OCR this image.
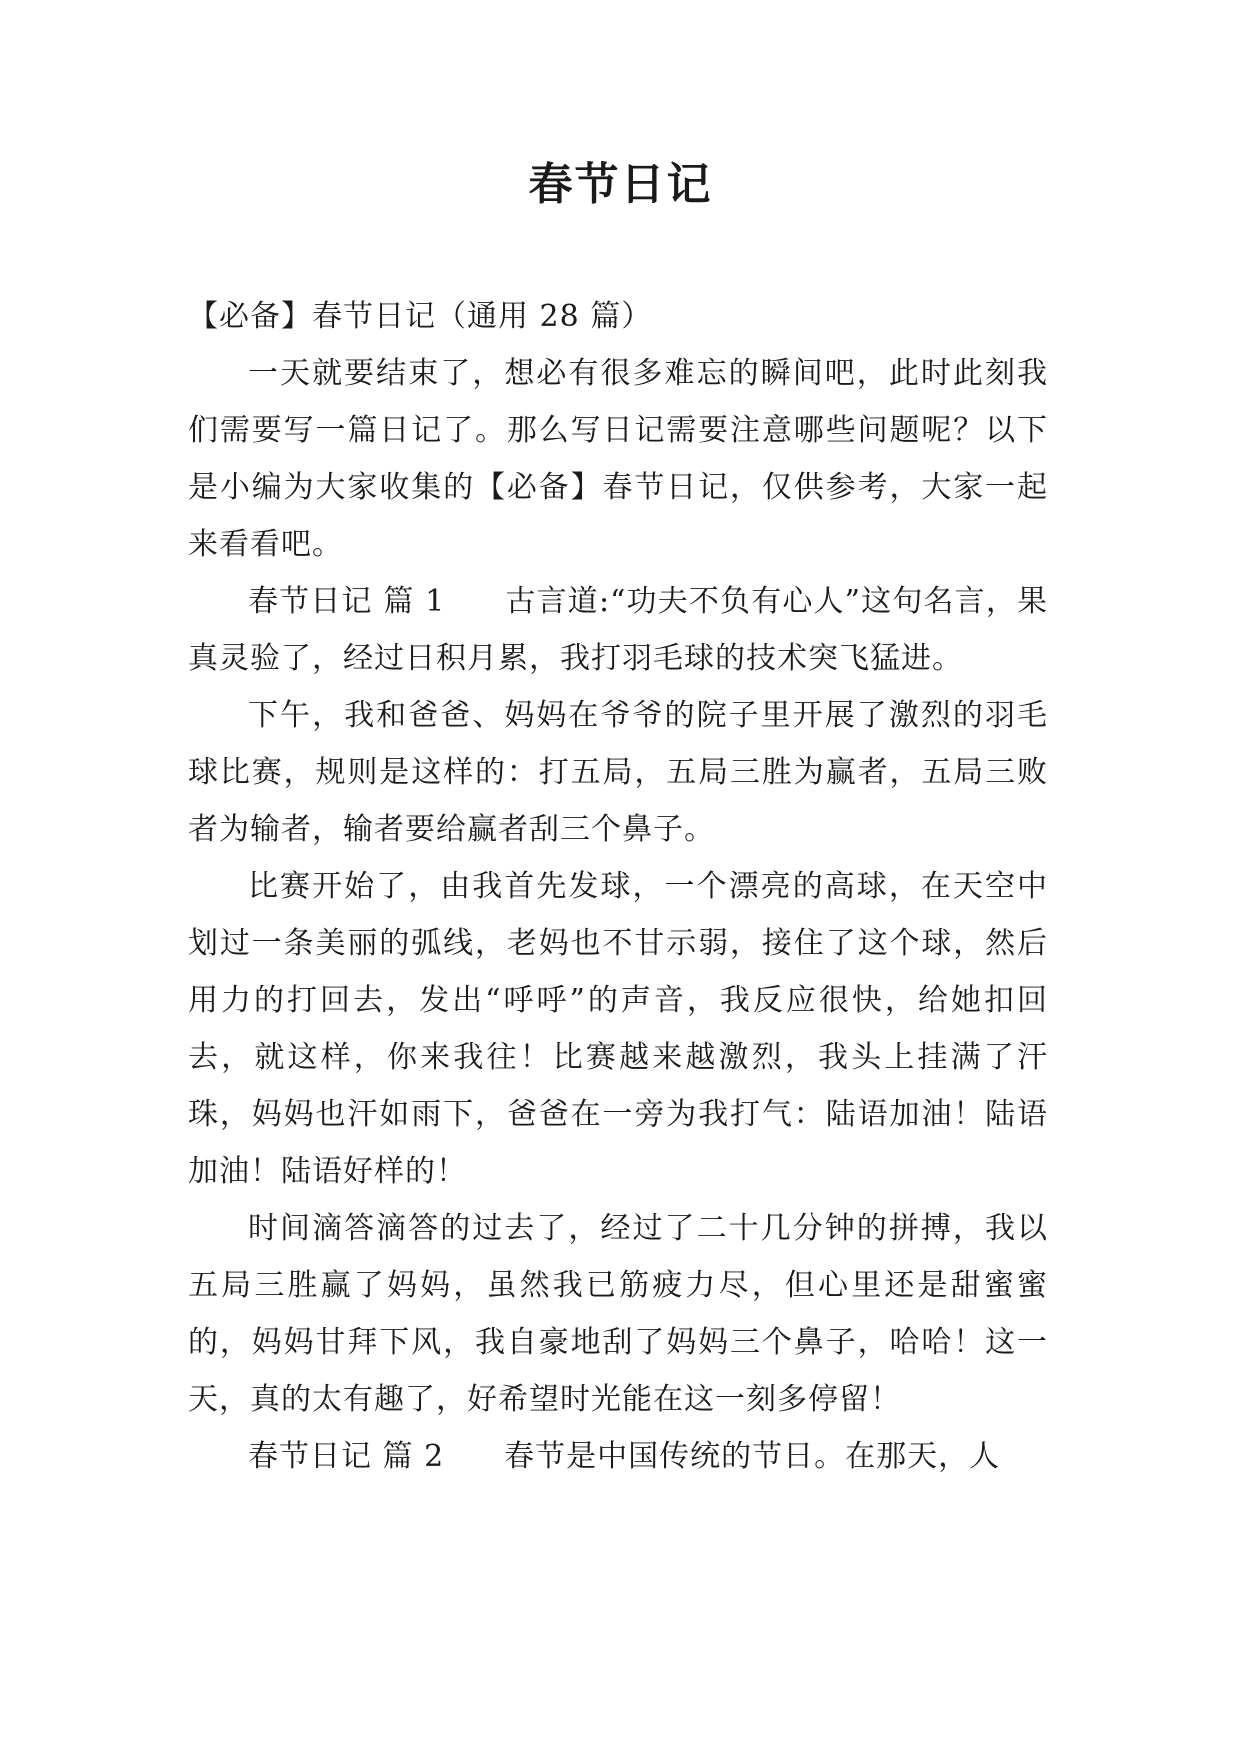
春节日记

【必备】春节日记（通用 28 篇）

一天就要结束了，想必有很多难忘的瞬间吧，此时此刻我们需要写一篇日记了。那么写日记需要注意哪些问题呢？以下是小编为大家收集的【必备】春节日记，仅供参考，大家一起来看看吧。

春节日记 篇 1 古言道:“功夫不负有心人”这句名言，果真灵验了，经过日积月累，我打羽毛球的技术突飞猛进。

下午，我和爸爸、妈妈在爷爷的院子里开展了激烈的羽毛球比赛，规则是这样的：打五局，五局三胜为赢者，五局三败者为输者，输者要给赢者刮三个鼻子。

比赛开始了，由我首先发球，一个漂亮的高球，在天空中划过一条美丽的弧线，老妈也不甘示弱，接住了这个球，然后用力的打回去，发出“呼呼”的声音，我反应很快，给她扣回去，就这样，你来我往！比赛越来越激烈，我头上挂满了汗珠，妈妈也汗如雨下，爸爸在一旁为我打气：陆语加油！陆语加油！陆语好样的！

时间滴答滴答的过去了，经过了二十几分钟的拼搏，我以五局三胜赢了妈妈，虽然我已筋疲力尽，但心里还是甜蜜蜜的，妈妈甘拜下风，我自豪地刮了妈妈三个鼻子，哈哈！这一天，真的太有趣了，好希望时光能在这一刻多停留！

春节日记 篇 2 春节是中国传统的节日。在那天，人
